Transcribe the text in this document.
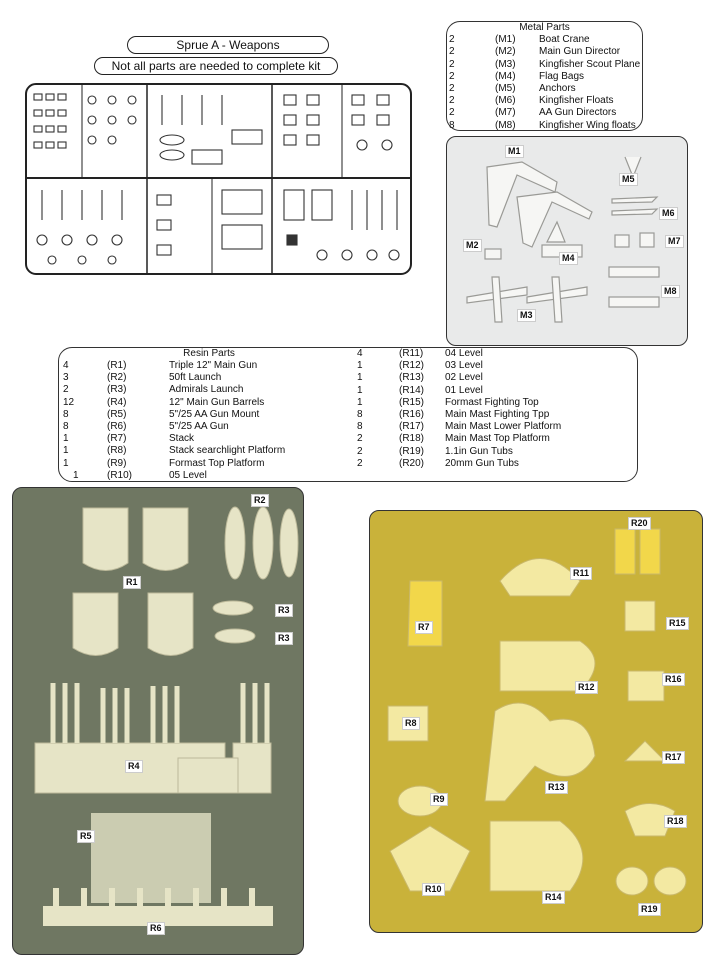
Sprue A - Weapons
Not all parts are needed to complete kit
Metal Parts
2	(M1) Boat Crane
2	(M2) Main Gun Director
2	(M3) Kingfisher Scout Plane
2	(M4) Flag Bags
2	(M5) Anchors
2	(M6) Kingfisher Floats
2	(M7) AA Gun Directors
8	(M8) Kingfisher Wing floats
M1
M2
M3
M4
M5
M6
M7
M8
Resin Parts
4	(R1)	Triple 12" Main Gun
3	(R2)	50ft Launch
2	(R3)	Admirals Launch
12	(R4)	12" Main Gun Barrels
8	(R5)	5"/25 AA Gun Mount
8	(R6)	5"/25 AA Gun
1	(R7)	Stack
1	(R8)	Stack searchlight Platform
1	(R9)	Formast Top Platform
1	(R10)	05 Level
4	(R11) 04 Level
1	(R12) 03 Level
1	(R13) 02 Level
1	(R14) 01 Level
1	(R15) Formast Fighting Top
8	(R16) Main Mast Fighting Tpp
8	(R17) Main Mast Lower Platform
2	(R18) Main Mast Top Platform
2	(R19) 1.1in Gun Tubs
2	(R20) 20mm Gun Tubs
R2
R1
R3
R3
R4
R5
R6
R20
R11
R7	R15
R12
R16
R8
R13
R17
R9
R18
R10
R14
R19
